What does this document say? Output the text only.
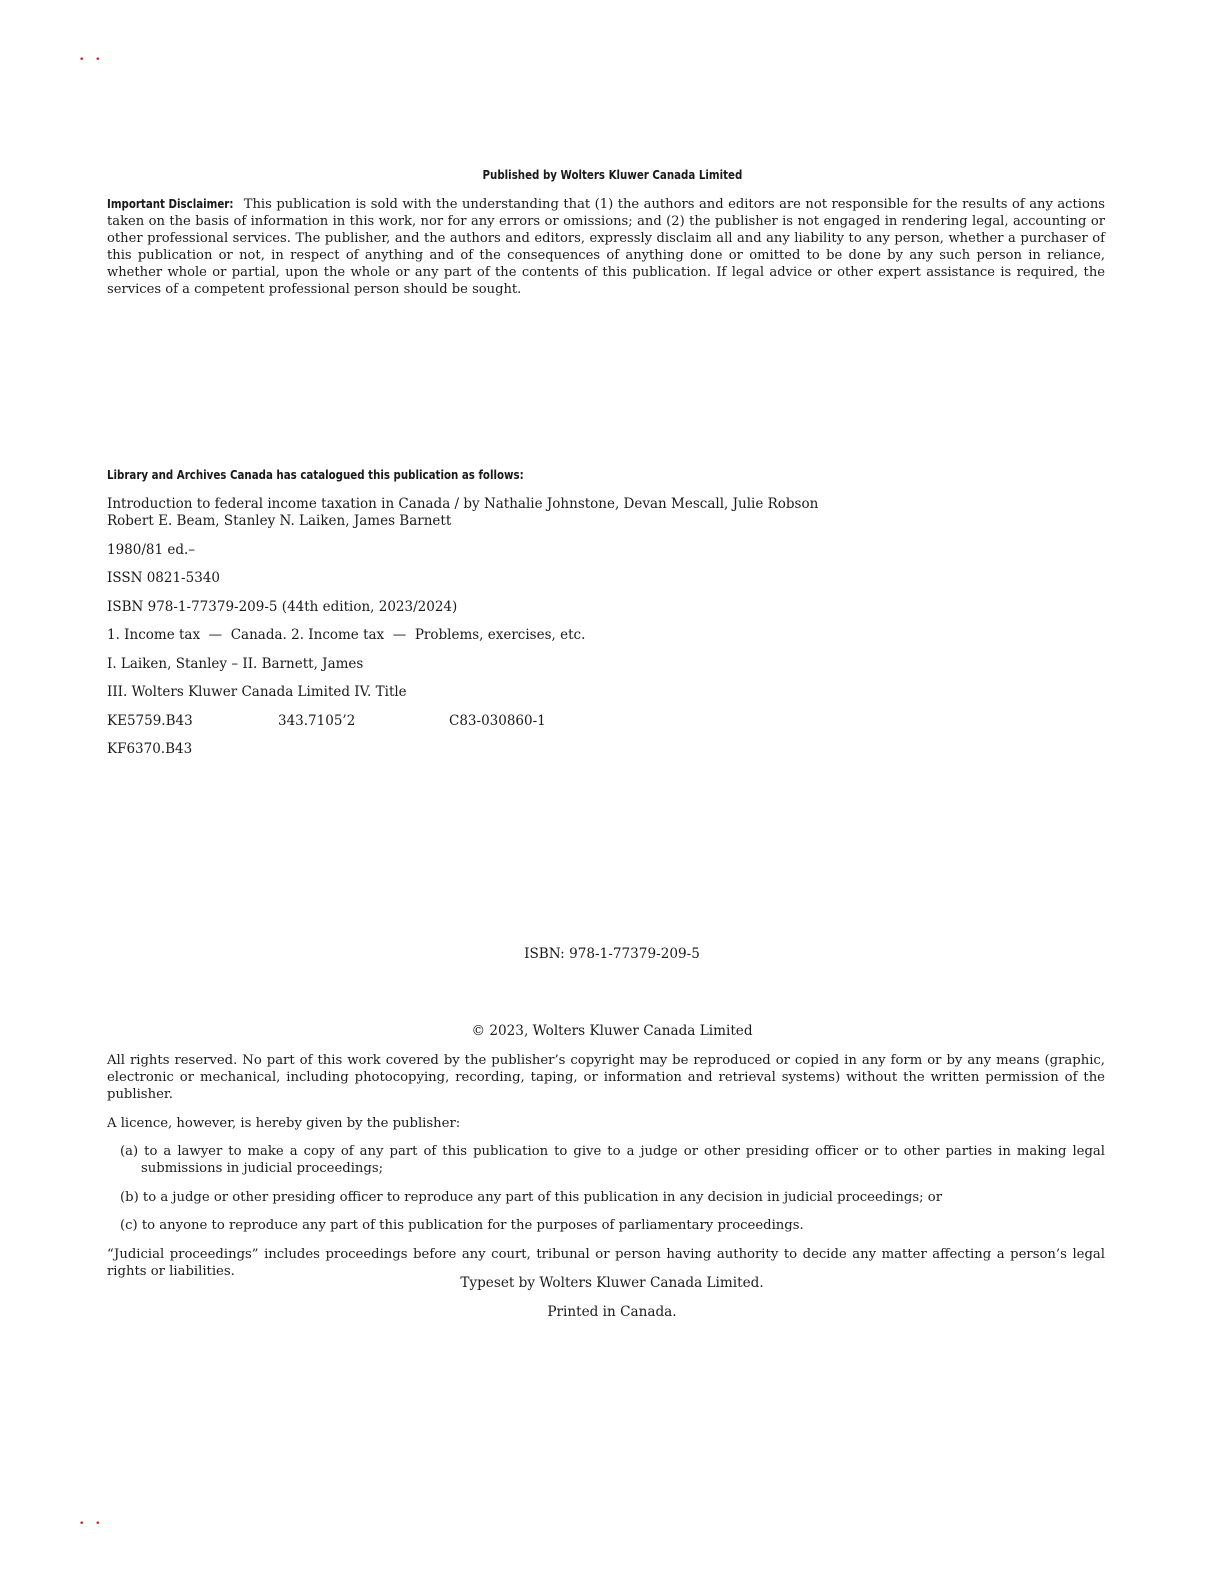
• •
Published by Wolters Kluwer Canada Limited
Important Disclaimer: This publication is sold with the understanding that (1) the authors and editors are not responsible for the results of any actions taken on the basis of information in this work, nor for any errors or omissions; and (2) the publisher is not engaged in rendering legal, accounting or other professional services. The publisher, and the authors and editors, expressly disclaim all and any liability to any person, whether a purchaser of this publication or not, in respect of anything and of the consequences of anything done or omitted to be done by any such person in reliance, whether whole or partial, upon the whole or any part of the contents of this publication. If legal advice or other expert assistance is required, the services of a competent professional person should be sought.
Library and Archives Canada has catalogued this publication as follows:

Introduction to federal income taxation in Canada / by Nathalie Johnstone, Devan Mescall, Julie Robson

Robert E. Beam, Stanley N. Laiken, James Barnett

1980/81 ed.–

ISSN 0821-5340

ISBN 978-1-77379-209-5 (44th edition, 2023/2024)

1. Income tax  —  Canada. 2. Income tax  —  Problems, exercises, etc.

I. Laiken, Stanley – II. Barnett, James

III. Wolters Kluwer Canada Limited IV. Title

KE5759.B43	343.7105’2	C83-030860-1

KF6370.B43

ISBN: 978-1-77379-209-5
© 2023, Wolters Kluwer Canada Limited

All rights reserved. No part of this work covered by the publisher’s copyright may be reproduced or copied in any form or by any means (graphic, electronic or mechanical, including photocopying, recording, taping, or information and retrieval systems) without the written permission of the publisher.

A licence, however, is hereby given by the publisher:

(a) to a lawyer to make a copy of any part of this publication to give to a judge or other presiding officer or to other parties in making legal submissions in judicial proceedings;

(b) to a judge or other presiding officer to reproduce any part of this publication in any decision in judicial proceedings; or

(c) to anyone to reproduce any part of this publication for the purposes of parliamentary proceedings.

“Judicial proceedings” includes proceedings before any court, tribunal or person having authority to decide any matter affecting a person’s legal rights or liabilities.

Typeset by Wolters Kluwer Canada Limited.
Printed in Canada.
• •
